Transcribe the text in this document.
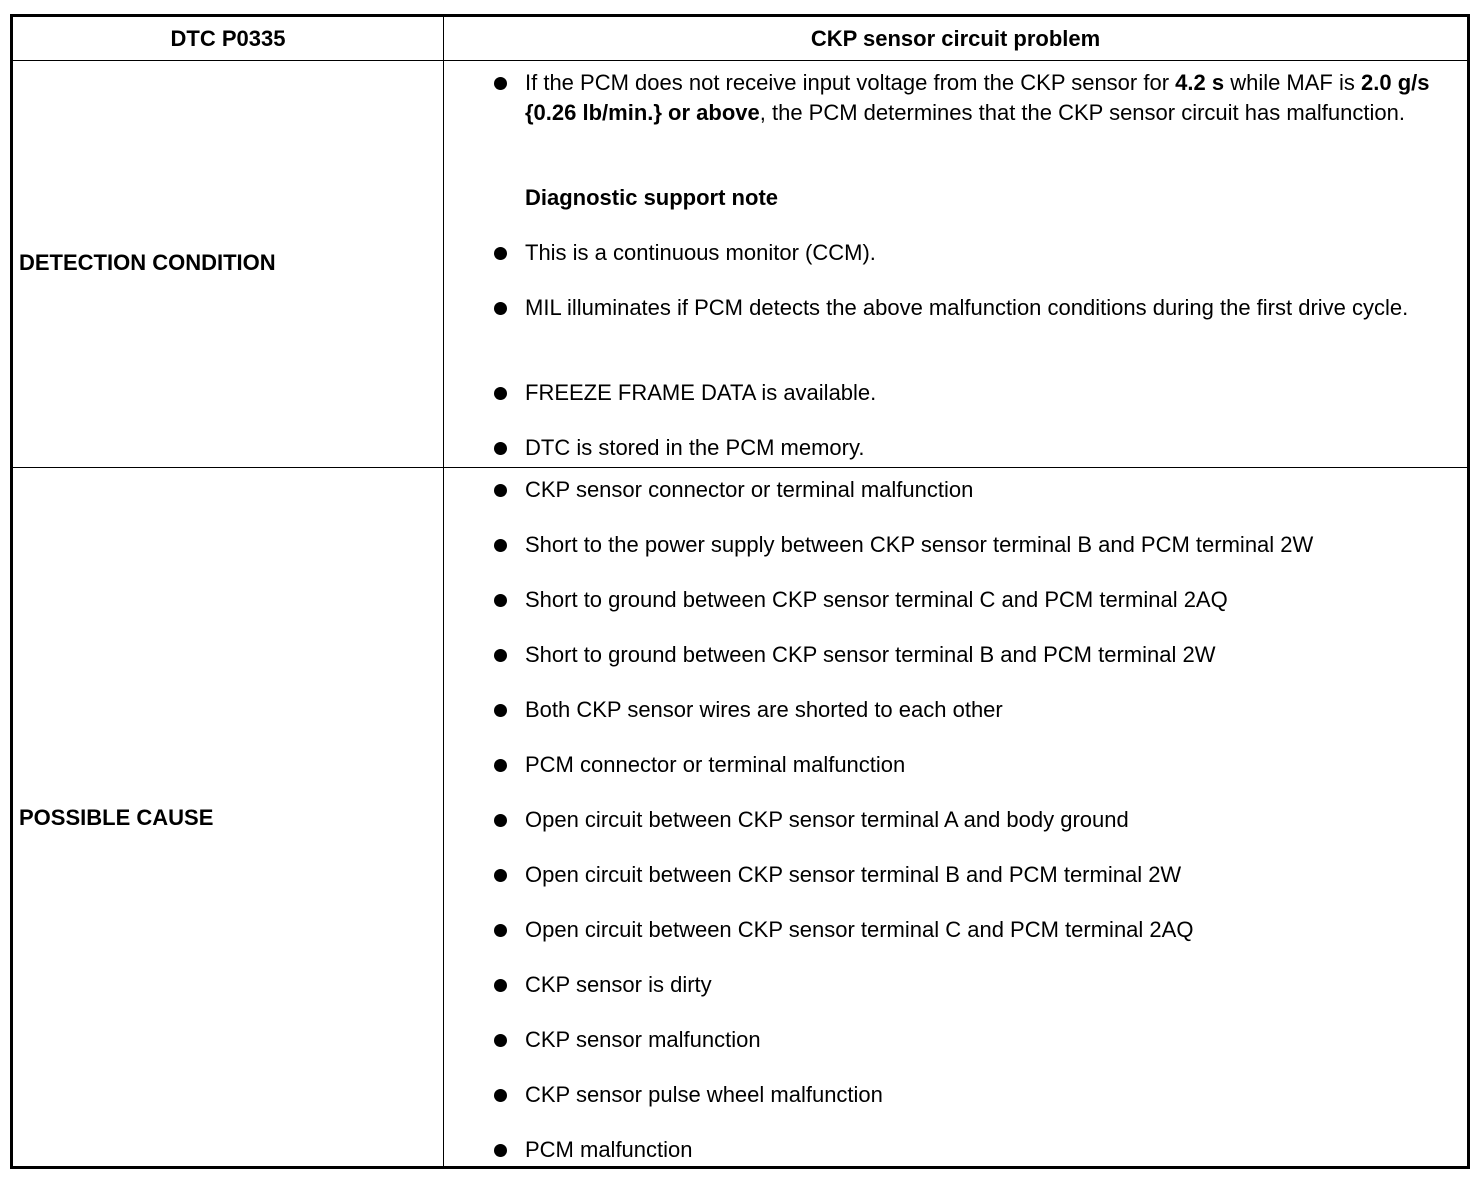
DTC P0335	CKP sensor circuit problem
DETECTION CONDITION
If the PCM does not receive input voltage from the CKP sensor for 4.2 s while MAF is 2.0 g/s {0.26 lb/min.} or above, the PCM determines that the CKP sensor circuit has malfunction.
Diagnostic support note
This is a continuous monitor (CCM).
MIL illuminates if PCM detects the above malfunction conditions during the first drive cycle.
FREEZE FRAME DATA is available.
DTC is stored in the PCM memory.
POSSIBLE CAUSE
CKP sensor connector or terminal malfunction
Short to the power supply between CKP sensor terminal B and PCM terminal 2W
Short to ground between CKP sensor terminal C and PCM terminal 2AQ
Short to ground between CKP sensor terminal B and PCM terminal 2W
Both CKP sensor wires are shorted to each other
PCM connector or terminal malfunction
Open circuit between CKP sensor terminal A and body ground
Open circuit between CKP sensor terminal B and PCM terminal 2W
Open circuit between CKP sensor terminal C and PCM terminal 2AQ
CKP sensor is dirty
CKP sensor malfunction
CKP sensor pulse wheel malfunction
PCM malfunction
